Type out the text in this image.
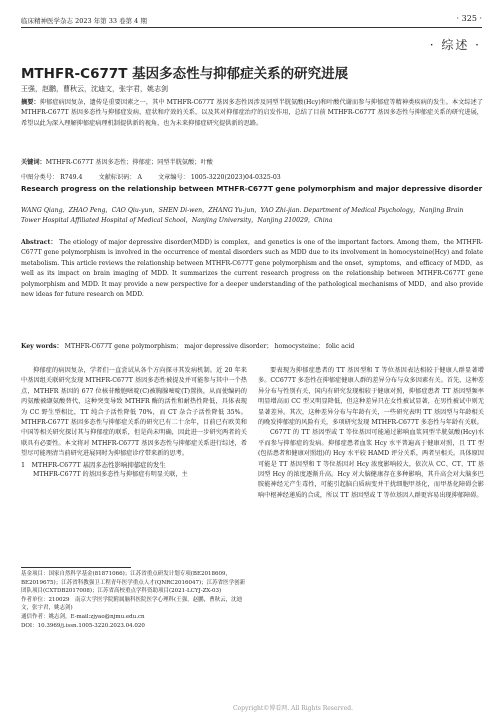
临床精神医学杂志 2023 年第 33 卷第 4 期	· 325 ·
· 综述 ·
MTHFR-C677T 基因多态性与抑郁症关系的研究进展
王强，赵鹏，曹秋云，沈迪文，张宇君，姚志剑
摘要：抑郁症病因复杂，遗传是重要因素之一，其中 MTHFR-C677T 基因多态性因涉及同型半胱氨酸(Hcy)和叶酸代谢而参与抑郁症等精神类疾病的发生。本文综述了 MTHFR-C677T 基因多态性与抑郁症发病、症状和疗效的关系，以及其对抑郁症治疗的启发作用，总结了目前 MTHFR-C677T 基因多态性与抑郁症关系的研究进展，希望以此为深入理解抑郁症病理机制提供新的视角，也为未来抑郁症研究提供新的思路。
关键词：MTHFR-C677T 基因多态性；抑郁症；同型半胱氨酸；叶酸
中图分类号： R749.4	文献标识码： A	文章编号： 1005-3220(2023)04-0325-03
Research progress on the relationship between MTHFR-C677T gene polymorphism and major depressive disorder
WANG Qiang，ZHAO Peng，CAO Qiu-yun，SHEN Di-wen，ZHANG Yu-jun，YAO Zhi-jian. Department of Medical Psychology，Nanjing Brain Tower Hospital Affiliated Hospital of Medical School，Nanjing University，Nanjing 210029，China
Abstract： The etiology of major depressive disorder(MDD) is complex，and genetics is one of the important factors. Among them，the MTHFR-C677T gene polymorphism is involved in the occurrence of mental disorders such as MDD due to its involvement in homocysteine(Hcy) and folate metabolism. This article reviews the relationship between MTHFR-C677T gene polymorphism and the onset，symptoms，and efficacy of MDD，as well as its impact on brain imaging of MDD. It summarizes the current research progress on the relationship between MTHFR-C677T gene polymorphism and MDD. It may provide a new perspective for a deeper understanding of the pathological mechanisms of MDD，and also provide new ideas for future research on MDD.
Key words： MTHFR-C677T gene polymorphism； major depressive disorder； homocysteine； folic acid

抑郁症的病因复杂，学者们一直尝试从各个方向探寻其发病机制。近 20 年来中基因组关联研究发现 MTHFR-C677T 基因多态性被提及并可能参与其中一个热点，MTHFR 基因的 677 位核苷酸胞嘧啶(C)被胸腺嘧啶(T)置换，从而使编码的丙氨酸被缬氨酸替代，这种突变导致 MTHFR 酶的活性和耐热性降低，具体表现为 CC 野生型相比，TT 纯合子活性降低 70%，而 CT 杂合子活性降低 35%。MTHFR-C677T 基因多态性与抑郁症关系的研究已有二十余年，目前已有欧美和中国等相关研究探讨其与抑郁症的联系，但是尚未明确，因此进一步研究两者的关联具有必要性。本文将对 MTHFR-C677T 基因多态性与抑郁症关系进行综述，希望尽可能理清当前研究进展同时为抑郁症诊疗带来新的思考。

1　MTHFR-C677T 基因多态性影响抑郁症的发生

MTHFR-C677T 的基因多态性与抑郁症有明显关联，主

基金项目：国家自然科学基金(81871066)；江苏省重点研发计划专项(BE2018609，BE2019675)；江苏省科教强卫工程青年医学重点人才(QNRC2016047)；江苏省医学创新团队项目(CXTDB2017008)；江苏省高校重点学科资助项目(2021-LCYJ-ZX-03)

作者单位：210029　南京大学医学院附属脑科医院医学心理科(王强，赵鹏，曹秋云，沈迪文，张宇君，姚志剑)

通信作者：姚志剑，E-mail:zjyao@njmu.edu.cn

DOI：10.3969/j.issn.1005-3220.2023.04.020

要表现为抑郁症患者的 TT 基因型和 T 等位基因表达相较于健康人群显著增多。CC677T 多态性在抑郁症健康人群的差异分布与众多因素有关。首先，这种差异分布与性别有关，国内有研究发现相较于健康对照，抑郁症患者 TT 基因型频率明显增高而 CC 型又明显降低，但这种差异只在女性被试显著，在男性被试中则无显著差异。其次，这种差异分布与年龄有关，一些研究表明 TT 基因型与年龄相关的晚发抑郁症的风险有关，多项研究发现 MTHFR-C677T 多态性与年龄有关联。

C677T 的 TT 基因型或 T 等位基因可能通过影响血浆同型半胱氨酸(Hcy)水平而参与抑郁症的发病。抑郁症患者血浆 Hcy 水平普遍高于健康对照，且 TT 型(包括患者和健康对照组)的 Hcy 水平较 HAMD 评分关系，两者呈相关。具体原因可能是 TT 基因型和 T 等位基因对 Hcy 浓度影响较大，依次从 CC、CT、TT 基因型 Hcy 的浓度逐渐升高。Hcy 对大脑健康存在多种影响，其升高会对大脑多巴胺能神经元产生毒性，可能引起脑白质病变并干扰细胞甲基化，而甲基化障碍会影响中枢神经递质的合成，所以 TT 基因型或 T 等位基因人群更容易出现抑郁障碍。

Copyright©博看网. All Rights Reserved.
